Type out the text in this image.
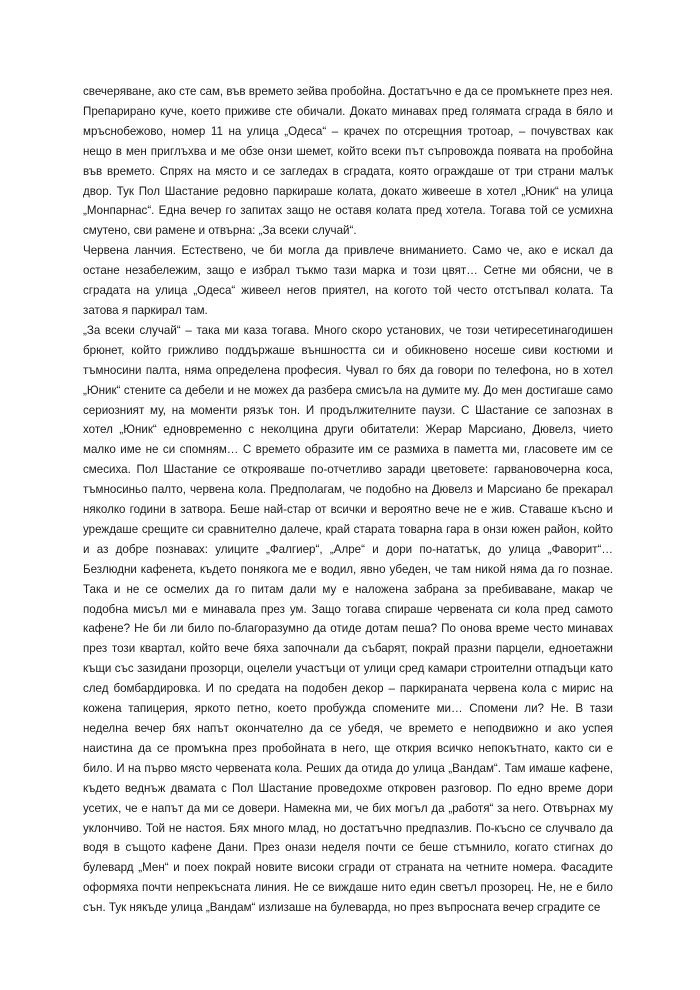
свечеряване, ако сте сам, във времето зейва пробойна. Достатъчно е да се промъкнете през нея. Препарирано куче, което приживе сте обичали. Докато минавах пред голямата сграда в бяло и мръснобежово, номер 11 на улица „Одеса“ – крачех по отсрещния тротоар, – почувствах как нещо в мен приглъхва и ме обзе онзи шемет, който всеки път съпровожда появата на пробойна във времето. Спрях на място и се загледах в сградата, която ограждаше от три страни малък двор. Тук Пол Шастание редовно паркираше колата, докато живееше в хотел „Юник“ на улица „Монпарнас“. Една вечер го запитах защо не оставя колата пред хотела. Тогава той се усмихна смутено, сви рамене и отвърна: „За всеки случай“.

Червена ланчия. Естествено, че би могла да привлече вниманието. Само че, ако е искал да остане незабележим, защо е избрал тъкмо тази марка и този цвят… Сетне ми обясни, че в сградата на улица „Одеса“ живеел негов приятел, на когото той често отстъпвал колата. Та затова я паркирал там.

„За всеки случай“ – така ми каза тогава. Много скоро установих, че този четиресетинагодишен брюнет, който грижливо поддържаше външността си и обикновено носеше сиви костюми и тъмносини палта, няма определена професия. Чувал го бях да говори по телефона, но в хотел „Юник“ стените са дебели и не можех да разбера смисъла на думите му. До мен достигаше само сериозният му, на моменти рязък тон. И продължителните паузи. С Шастание се запознах в хотел „Юник“ едновременно с неколцина други обитатели: Жерар Марсиано, Дювелз, чието малко име не си спомням… С времето образите им се размиха в паметта ми, гласовете им се смесиха. Пол Шастание се открояваше по-отчетливо заради цветовете: гарвановочерна коса, тъмносиньо палто, червена кола. Предполагам, че подобно на Дювелз и Марсиано бе прекарал няколко години в затвора. Беше най-стар от всички и вероятно вече не е жив. Ставаше късно и уреждаше срещите си сравнително далече, край старата товарна гара в онзи южен район, който и аз добре познавах: улиците „Фалгиер“, „Алре“ и дори по-нататък, до улица „Фаворит“… Безлюдни кафенета, където понякога ме е водил, явно убеден, че там никой няма да го познае. Така и не се осмелих да го питам дали му е наложена забрана за пребиваване, макар че подобна мисъл ми е минавала през ум. Защо тогава спираше червената си кола пред самото кафене? Не би ли било по-благоразумно да отиде дотам пеша? По онова време често минавах през този квартал, който вече бяха започнали да събарят, покрай празни парцели, едноетажни къщи със зазидани прозорци, оцелели участъци от улици сред камари строителни отпадъци като след бомбардировка. И по средата на подобен декор – паркираната червена кола с мирис на кожена тапицерия, яркото петно, което пробужда спомените ми… Спомени ли? Не. В тази неделна вечер бях напът окончателно да се убедя, че времето е неподвижно и ако успея наистина да се промъкна през пробойната в него, ще открия всичко непокътнато, както си е било. И на първо място червената кола. Реших да отида до улица „Вандам“. Там имаше кафене, където веднъж двамата с Пол Шастание проведохме откровен разговор. По едно време дори усетих, че е напът да ми се довери. Намекна ми, че бих могъл да „работя“ за него. Отвърнах му уклончиво. Той не настоя. Бях много млад, но достатъчно предпазлив. По-късно се случвало да водя в същото кафене Дани. През онази неделя почти се беше стъмнило, когато стигнах до булевард „Мен“ и поех покрай новите високи сгради от страната на четните номера. Фасадите оформяха почти непрекъсната линия. Не се виждаше нито един светъл прозорец. Не, не е било сън. Тук някъде улица „Вандам“ излизаше на булеварда, но през въпросната вечер сградите се
